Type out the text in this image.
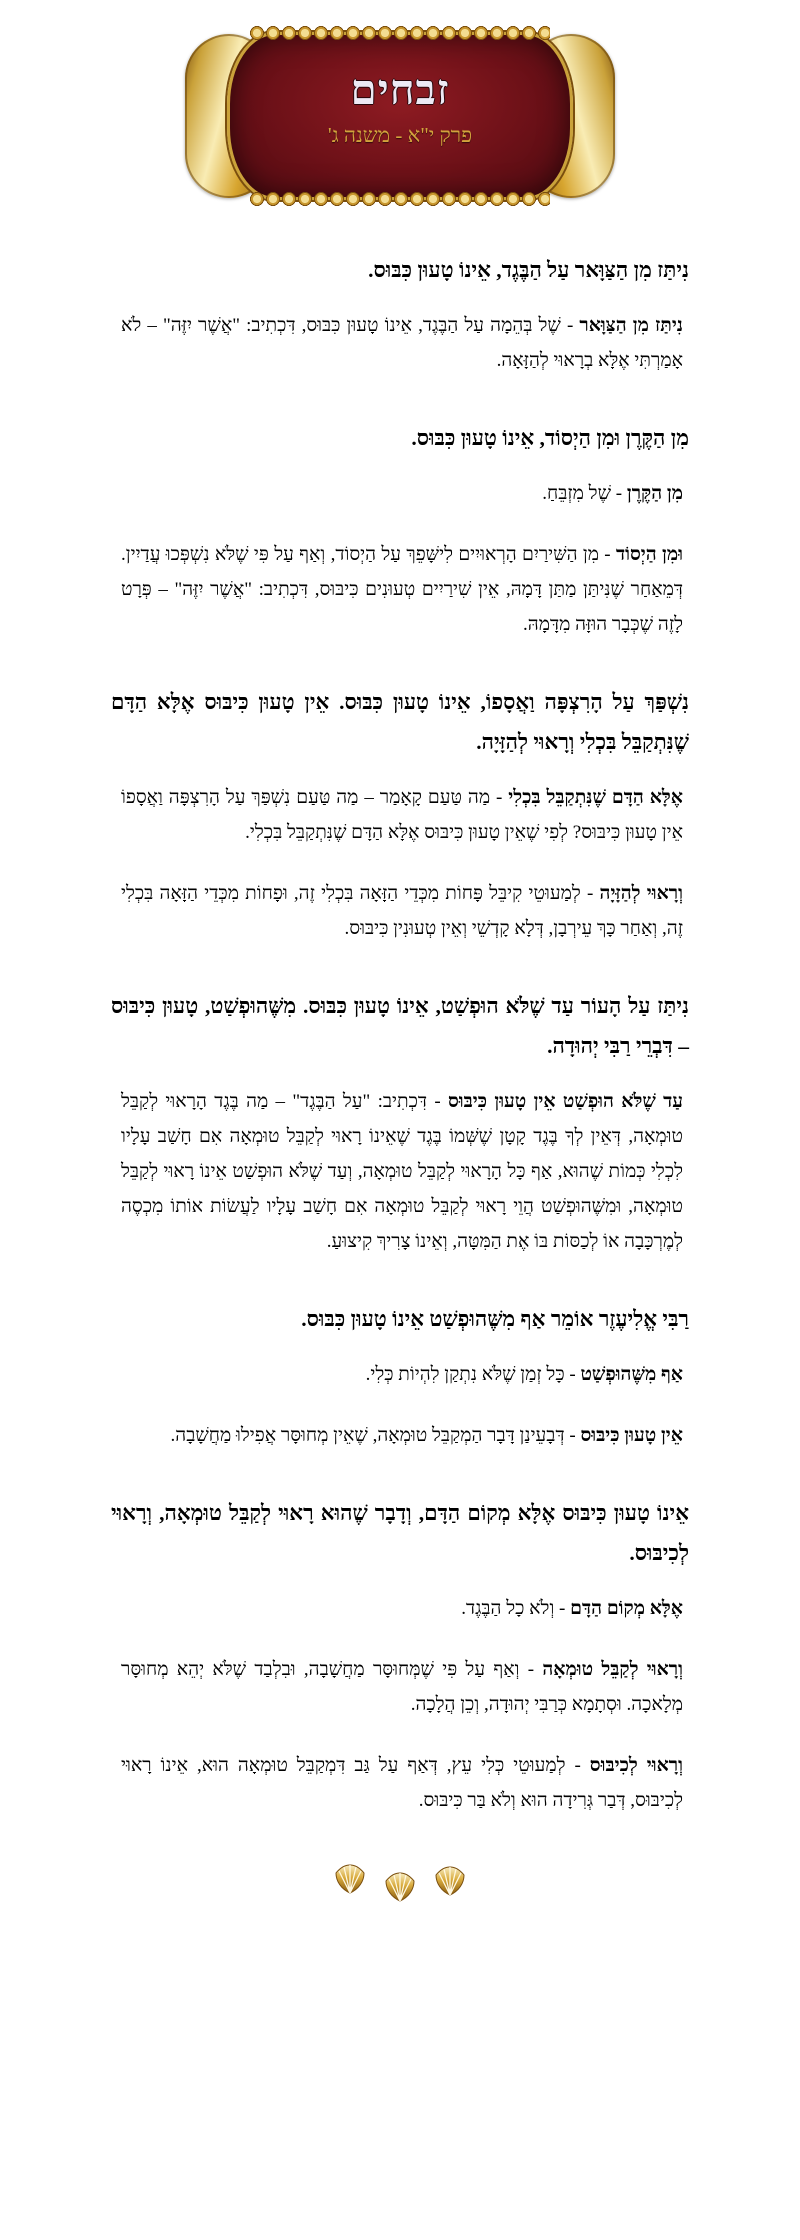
זבחים
פרק י"א - משנה ג'
נִיתַּז מִן הַצַּוָּאר עַל הַבֶּגֶד, אֵינוֹ טָעוּן כִּבּוּס.

נִיתַּז מִן הַצַּוָּאר - שֶׁל בְּהֵמָה עַל הַבֶּגֶד, אֵינוֹ טָעוּן כִּבּוּס, דִּכְתִיב: "אֲשֶׁר יִזֶּה" – לֹא אָמַרְתִּי אֶלָּא בְרָאוּי לְהַזָּאָה.

מִן הַקֶּרֶן וּמִן הַיְסוֹד, אֵינוֹ טָעוּן כִּבּוּס.

מִן הַקֶּרֶן - שֶׁל מִזְבֵּחַ.

וּמִן הַיְסוֹד - מִן הַשִּׁירַיִם הָרְאוּיִים לִישָּׁפֵךְ עַל הַיְסוֹד, וְאַף עַל פִּי שֶׁלֹּא נִשְׁפְּכוּ עֲדַיִין. דְּמֵאַחַר שֶׁנִּיתַּן מַתַּן דָּמָהּ, אֵין שִׁירַיִים טְעוּנִים כִּיבּוּס, דִּכְתִיב: "אֲשֶׁר יִזֶּה" – פְּרָט לָזֶה שֶׁכְּבָר הוּזָּה מִדָּמָהּ.

נִשְׁפַּךְ עַל הָרִצְפָּה וַאֲסָפוֹ, אֵינוֹ טָעוּן כִּבּוּס. אֵין טָעוּן כִּיבּוּס אֶלָּא הַדָּם שֶׁנִּתְקַבֵּל בִּכְלִי וְרָאוּי לְהַזָּיָה.

אֶלָּא הַדָּם שֶׁנִּתְקַבֵּל בִּכְלִי - מַה טַּעַם קָאָמַר – מַה טַּעַם נִשְׁפַּךְ עַל הָרִצְפָּה וַאֲסָפוֹ אֵין טָעוּן כִּיבּוּס? לְפִי שֶׁאֵין טָעוּן כִּיבּוּס אֶלָּא הַדָּם שֶׁנִּתְקַבֵּל בִּכְלִי.

וְרָאוּי לְהַזָּיָה - לְמַעוּטֵי קִיבֵּל פָּחוֹת מִכְּדֵי הַזָּאָה בִּכְלִי זֶה, וּפָחוֹת מִכְּדֵי הַזָּאָה בִּכְלִי זֶה, וְאַחַר כָּךְ עֵירְבָן, דְּלָא קָדְשֵׁי וְאֵין טְעוּנִין כִּיבּוּס.

נִיתַּז עַל הָעוֹר עַד שֶׁלֹּא הוּפְשַׁט, אֵינוֹ טָעוּן כִּבּוּס. מִשֶּׁהוּפְשַׁט, טָעוּן כִּיבּוּס – דִּבְרֵי רַבִּי יְהוּדָה.

עַד שֶׁלֹּא הוּפְשַׁט אֵין טָעוּן כִּיבּוּס - דִּכְתִיב: "עַל הַבֶּגֶד" – מַה בֶּגֶד הָרָאוּי לְקַבֵּל טוּמְאָה, דְּאֵין לְךָ בֶּגֶד קָטָן שֶׁשְּׁמוֹ בֶּגֶד שֶׁאֵינוֹ רָאוּי לְקַבֵּל טוּמְאָה אִם חָשַׁב עָלָיו לִכְלִי כְּמוֹת שֶׁהוּא, אַף כָּל הָרָאוּי לְקַבֵּל טוּמְאָה, וְעַד שֶׁלֹּא הוּפְשַׁט אֵינוֹ רָאוּי לְקַבֵּל טוּמְאָה, וּמִשֶּׁהוּפְשַׁט הֲוֵי רָאוּי לְקַבֵּל טוּמְאָה אִם חָשַׁב עָלָיו לַעֲשׂוֹת אוֹתוֹ מִכְסֶה לְמֶרְכָּבָה אוֹ לְכַסּוֹת בּוֹ אֶת הַמִּטָּה, וְאֵינוֹ צָרִיךְ קִיצוּעַ.

רַבִּי אֱלִיעֶזֶר אוֹמֵר אַף מִשֶּׁהוּפְשַׁט אֵינוֹ טָעוּן כִּבּוּס.

אַף מִשֶּׁהוּפְשַׁט - כָּל זְמַן שֶׁלֹּא נִתְקַן לִהְיוֹת כְּלִי.

אֵין טָעוּן כִּיבּוּס - דְּבָעֵינַן דָּבָר הַמְקַבֵּל טוּמְאָה, שֶׁאֵין מְחוּסָּר אֲפִילוּ מַחֲשָׁבָה.

אֵינוֹ טָעוּן כִּיבּוּס אֶלָּא מְקוֹם הַדָּם, וְדָבָר שֶׁהוּא רָאוּי לְקַבֵּל טוּמְאָה, וְרָאוּי לְכִיבּוּס.

אֶלָּא מְקוֹם הַדָּם - וְלֹא כָל הַבֶּגֶד.

וְרָאוּי לְקַבֵּל טוּמְאָה - וְאַף עַל פִּי שֶׁמְּחוּסָּר מַחֲשָׁבָה, וּבִלְבַד שֶׁלֹּא יְהֵא מְחוּסָּר מְלָאכָה. וּסְתָמָא כְּרַבִּי יְהוּדָה, וְכֵן הֲלָכָה.

וְרָאוּי לְכִיבּוּס - לְמַעוּטֵי כְּלִי עֵץ, דְּאַף עַל גַּב דִּמְקַבֵּל טוּמְאָה הוּא, אֵינוֹ רָאוּי לְכִיבּוּס, דְּבַר גְּרִידָה הוּא וְלֹא בַּר כִּיבּוּס.
